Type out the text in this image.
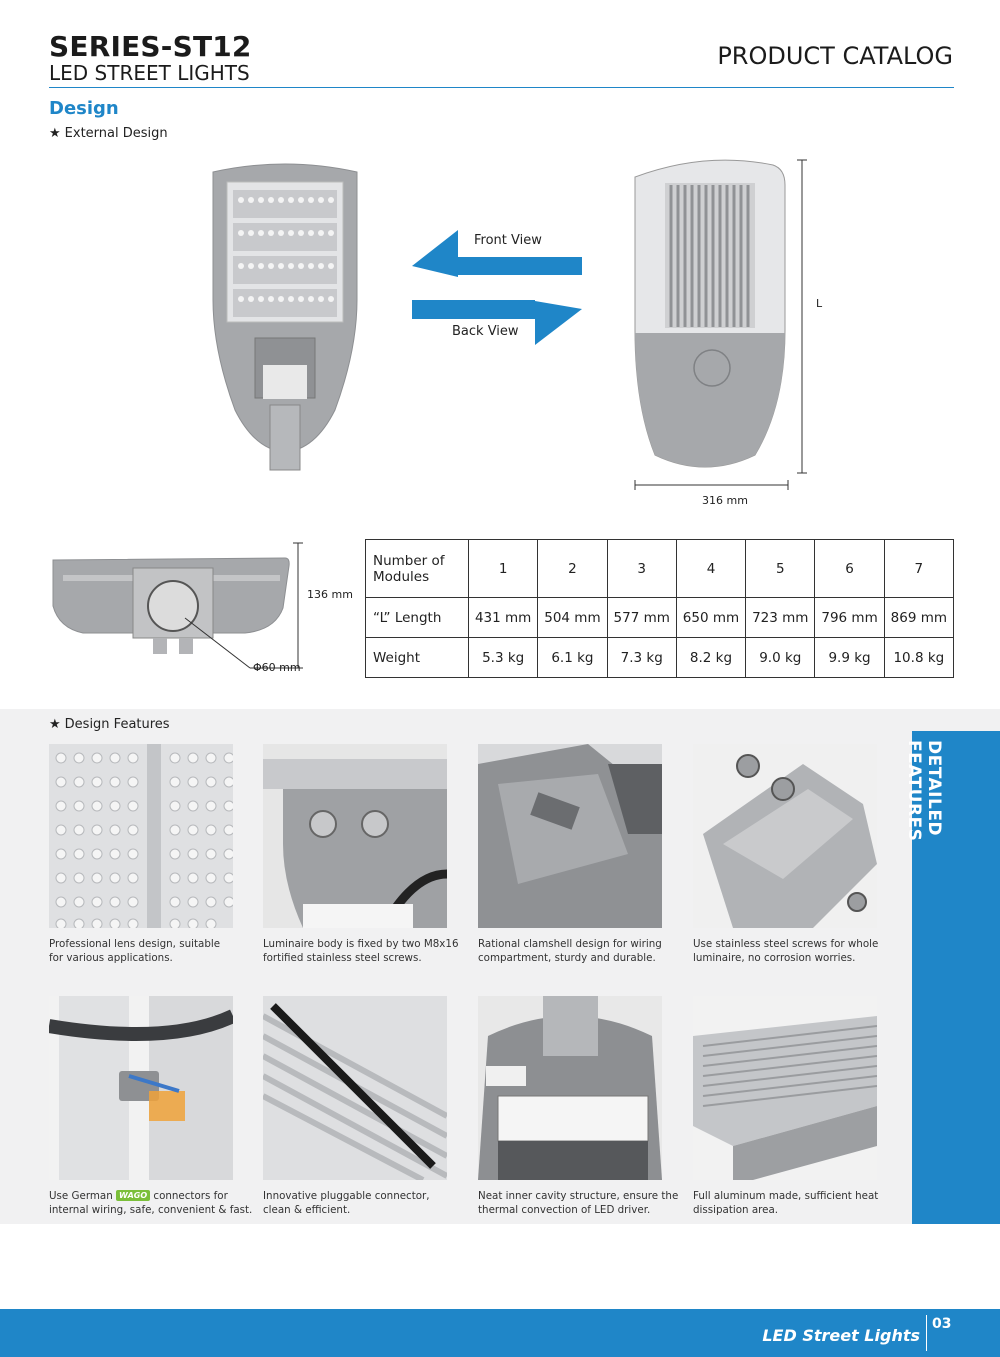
SERIES-ST12
LED STREET LIGHTS
PRODUCT CATALOG
Design
★ External Design
Front View
Back View
L
316 mm
136 mm
Φ60 mm
Number of Modules	1	2	3	4	5	6	7
“L” Length	431 mm	504 mm	577 mm	650 mm	723 mm	796 mm	869 mm
Weight	5.3 kg	6.1 kg	7.3 kg	8.2 kg	9.0 kg	9.9 kg	10.8 kg
DETAILED FEATURES
★ Design Features
Professional lens design, suitable
for various applications.
Luminaire body is fixed by two M8x16
fortified stainless steel screws.
Rational clamshell design for wiring
compartment, sturdy and durable.
Use stainless steel screws for whole
luminaire, no corrosion worries.
Use German WAGO connectors for
internal wiring, safe, convenient & fast.
Innovative pluggable connector,
clean & efficient.
Neat inner cavity structure, ensure the
thermal convection of LED driver.
Full aluminum made, sufficient heat
dissipation area.
LED Street Lights
03
